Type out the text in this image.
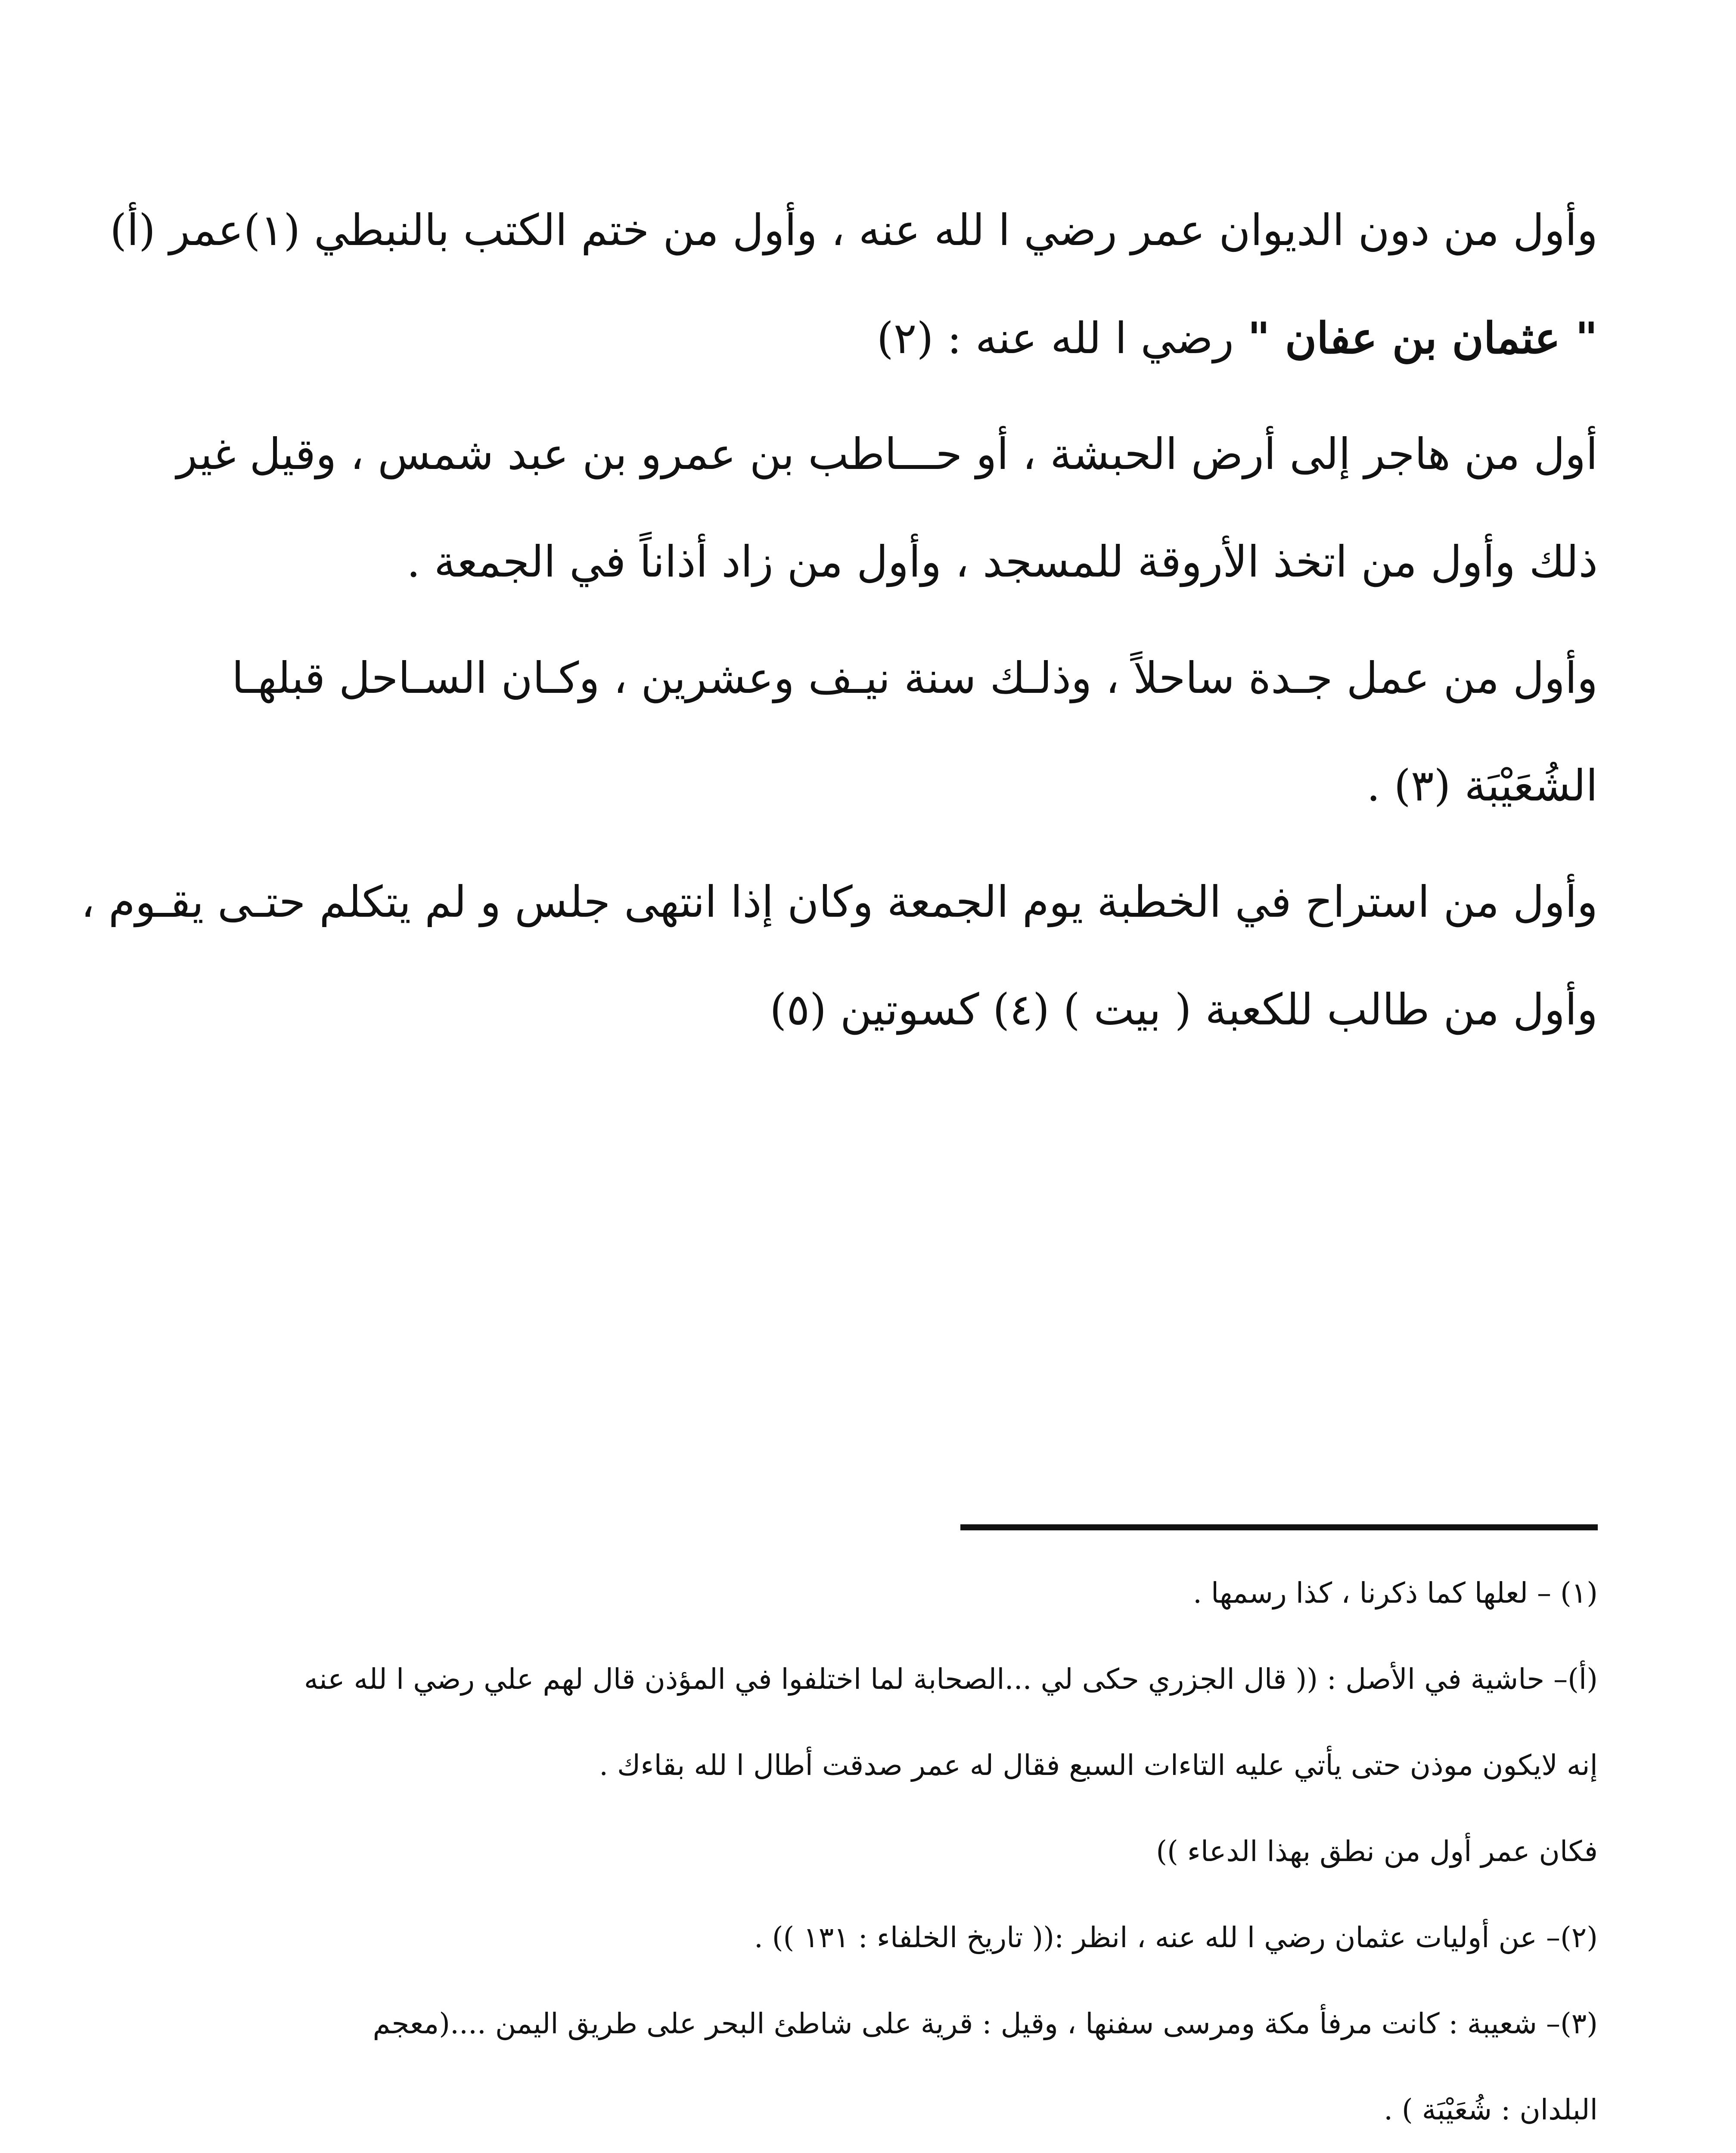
وأول من دون الديوان عمر رضي ا لله عنه ، وأول من ختم الكتب بالنبطي (١)عمر (أ)
" عثمان بن عفان " رضي ا لله عنه : (٢)
أول من هاجر إلى أرض الحبشة ، أو حـــاطب بن عمرو بن عبد شمس ، وقيل غير
ذلك وأول من اتخذ الأروقة للمسجد ، وأول من زاد أذاناً في الجمعة .
وأول من عمل جـدة ساحلاً ، وذلـك سنة نيـف وعشرين ، وكـان السـاحل قبلهـا
الشُعَيْبَة (٣) .
وأول من استراح في الخطبة يوم الجمعة وكان إذا انتهى جلس و لم يتكلم حتـى يقـوم ،
وأول من طالب للكعبة ( بيت ) (٤) كسوتين (٥)
(١) – لعلها كما ذكرنا ، كذا رسمها .
(أ)– حاشية في الأصل : (( قال الجزري حكى لي ...الصحابة لما اختلفوا في المؤذن قال لهم علي رضي ا لله عنه
إنه لايكون موذن حتى يأتي عليه التاءات السبع فقال له عمر صدقت أطال ا لله بقاءك .
فكان عمر أول من نطق بهذا الدعاء ))
(٢)– عن أوليات عثمان رضي ا لله عنه ، انظر :(( تاريخ الخلفاء : ١٣١ )) .
(٣)– شعيبة : كانت مرفأ مكة ومرسى سفنها ، وقيل : قرية على شاطئ البحر على طريق اليمن ....(معجم
البلدان : شُعَيْبَة ) .
